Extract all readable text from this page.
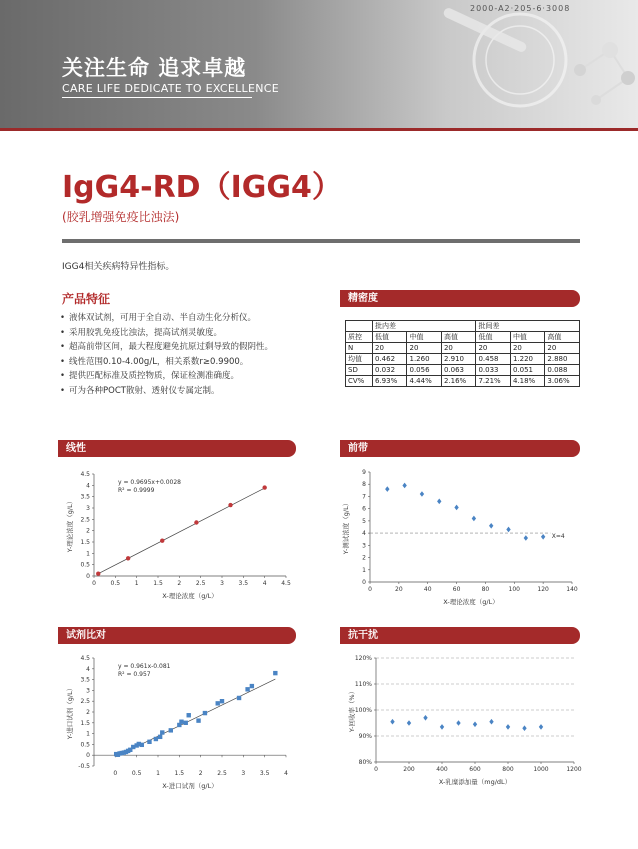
2000-A2·205-6·3008
关注生命 追求卓越
CARE LIFE DEDICATE TO EXCELLENCE
IgG4-RD（IGG4）
(胶乳增强免疫比浊法)
IGG4相关疾病特异性指标。
产品特征
• 液体双试剂，可用于全自动、半自动生化分析仪。
• 采用胶乳免疫比浊法，提高试剂灵敏度。
• 超高前带区间，最大程度避免抗原过剩导致的假阴性。
• 线性范围0.10-4.00g/L，相关系数r≥0.9900。
• 提供匹配标准及质控物质，保证检测准确度。
• 可为各种POCT散射、透射仪专属定制。
精密度
	批内差			批间差		
质控	低值	中值	高值	低值	中值	高值
N	20	20	20	20	20	20
均值	0.462	1.260	2.910	0.458	1.220	2.880
SD	0.032	0.056	0.063	0.033	0.051	0.088
CV%	6.93%	4.44%	2.16%	7.21%	4.18%	3.06%
线性	前带
试剂比对	抗干扰
0
0.5
1
1.5
2
2.5
3
3.5
4
4.5
0 0.5 1 1.5 2 2.5 3 3.5 4 4.5
X-理论浓度（g/L）
Y-理论浓度（g/L）
y = 0.9695x+0.0028
R² = 0.9999
0
1
2
3
4
5
6
7
8
9
0	20	40	60	80	100	120	140
X-理论浓度（g/L）
Y-测试浓度（g/L）	X=4
-0.5
0
0.5
1
1.5
2
2.5
3
3.5
4
4.5
0 0.5 1 1.5 2 2.5 3 3.5 4
X-进口试剂（g/L）
Y-进口试剂（g/L）
y = 0.961x-0.081
R² = 0.957
80%
90%
100%
110%
120%
0	200	400	600	800	1000	1200
X-乳糜添加量（mg/dL）
Y-回收率（%）
